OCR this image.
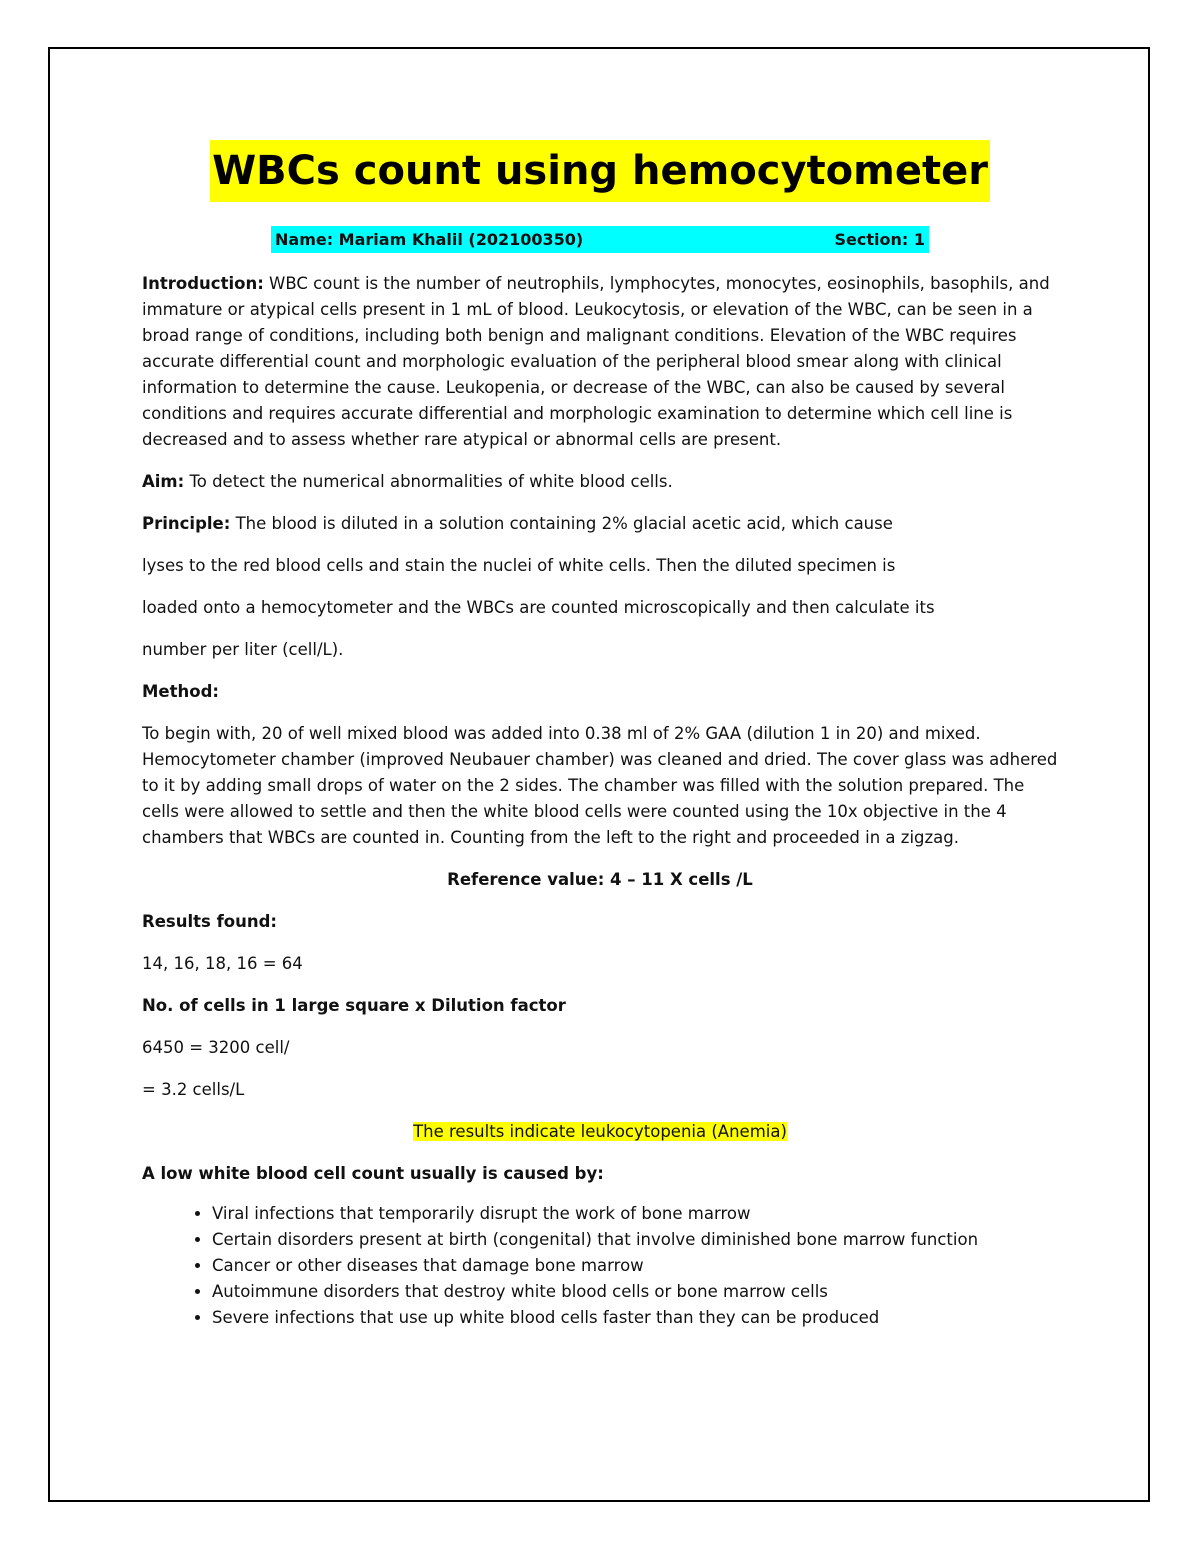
WBCs count using hemocytometer
Name: Mariam Khalil (202100350)	Section: 1

Introduction: WBC count is the number of neutrophils, lymphocytes, monocytes, eosinophils, basophils, and immature or atypical cells present in 1 mL of blood. Leukocytosis, or elevation of the WBC, can be seen in a broad range of conditions, including both benign and malignant conditions. Elevation of the WBC requires accurate differential count and morphologic evaluation of the peripheral blood smear along with clinical information to determine the cause. Leukopenia, or decrease of the WBC, can also be caused by several conditions and requires accurate differential and morphologic examination to determine which cell line is decreased and to assess whether rare atypical or abnormal cells are present.

Aim: To detect the numerical abnormalities of white blood cells.

Principle: The blood is diluted in a solution containing 2% glacial acetic acid, which cause

lyses to the red blood cells and stain the nuclei of white cells. Then the diluted specimen is

loaded onto a hemocytometer and the WBCs are counted microscopically and then calculate its

number per liter (cell/L).

Method:

To begin with, 20 of well mixed blood was added into 0.38 ml of 2% GAA (dilution 1 in 20) and mixed. Hemocytometer chamber (improved Neubauer chamber) was cleaned and dried. The cover glass was adhered to it by adding small drops of water on the 2 sides. The chamber was filled with the solution prepared. The cells were allowed to settle and then the white blood cells were counted using the 10x objective in the 4 chambers that WBCs are counted in. Counting from the left to the right and proceeded in a zigzag.

Reference value: 4 – 11 X cells /L

Results found:

14, 16, 18, 16 = 64

No. of cells in 1 large square x Dilution factor

6450 = 3200 cell/

= 3.2 cells/L

The results indicate leukocytopenia (Anemia)

A low white blood cell count usually is caused by:

• Viral infections that temporarily disrupt the work of bone marrow
• Certain disorders present at birth (congenital) that involve diminished bone marrow function
• Cancer or other diseases that damage bone marrow
• Autoimmune disorders that destroy white blood cells or bone marrow cells
• Severe infections that use up white blood cells faster than they can be produced
